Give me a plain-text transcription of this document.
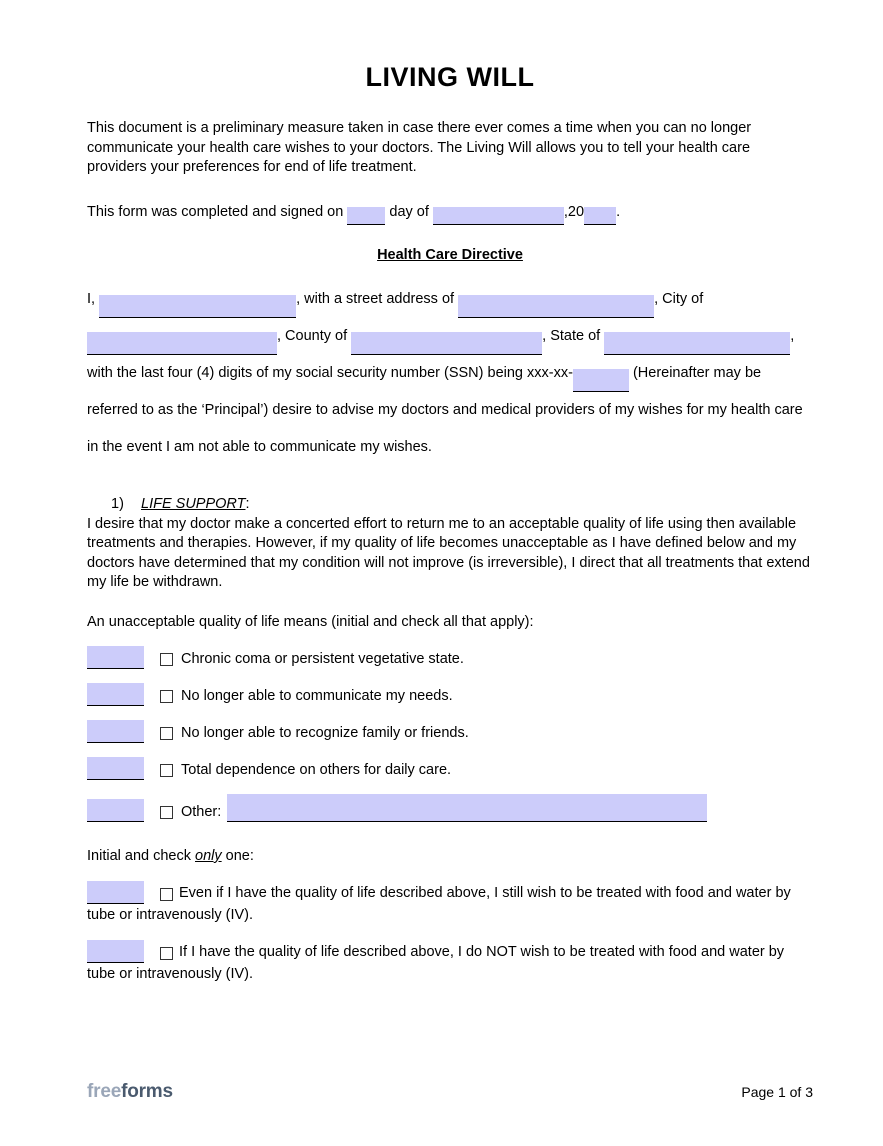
LIVING WILL

This document is a preliminary measure taken in case there ever comes a time when you can no longer communicate your health care wishes to your doctors. The Living Will allows you to tell your health care providers your preferences for end of life treatment.

This form was completed and signed on	day of	,20 .

Health Care Directive
I,	, with a street address of	, City of , County of	, State of	, with the last four (4) digits of my social security number (SSN) being xxx-xx-	(Hereinafter may be referred to as the ‘Principal’) desire to advise my doctors and medical providers of my wishes for my health care in the event I am not able to communicate my wishes.
1) LIFE SUPPORT:

I desire that my doctor make a concerted effort to return me to an acceptable quality of life using then available treatments and therapies. However, if my quality of life becomes unacceptable as I have defined below and my doctors have determined that my condition will not improve (is irreversible), I direct that all treatments that extend my life be withdrawn.

An unacceptable quality of life means (initial and check all that apply):

Chronic coma or persistent vegetative state.
No longer able to communicate my needs.
No longer able to recognize family or friends.
Total dependence on others for daily care.
Other:

Initial and check only one:

Even if I have the quality of life described above, I still wish to be treated with food and water by tube or intravenously (IV).

If I have the quality of life described above, I do NOT wish to be treated with food and water by tube or intravenously (IV).

freeforms	Page 1 of 3
